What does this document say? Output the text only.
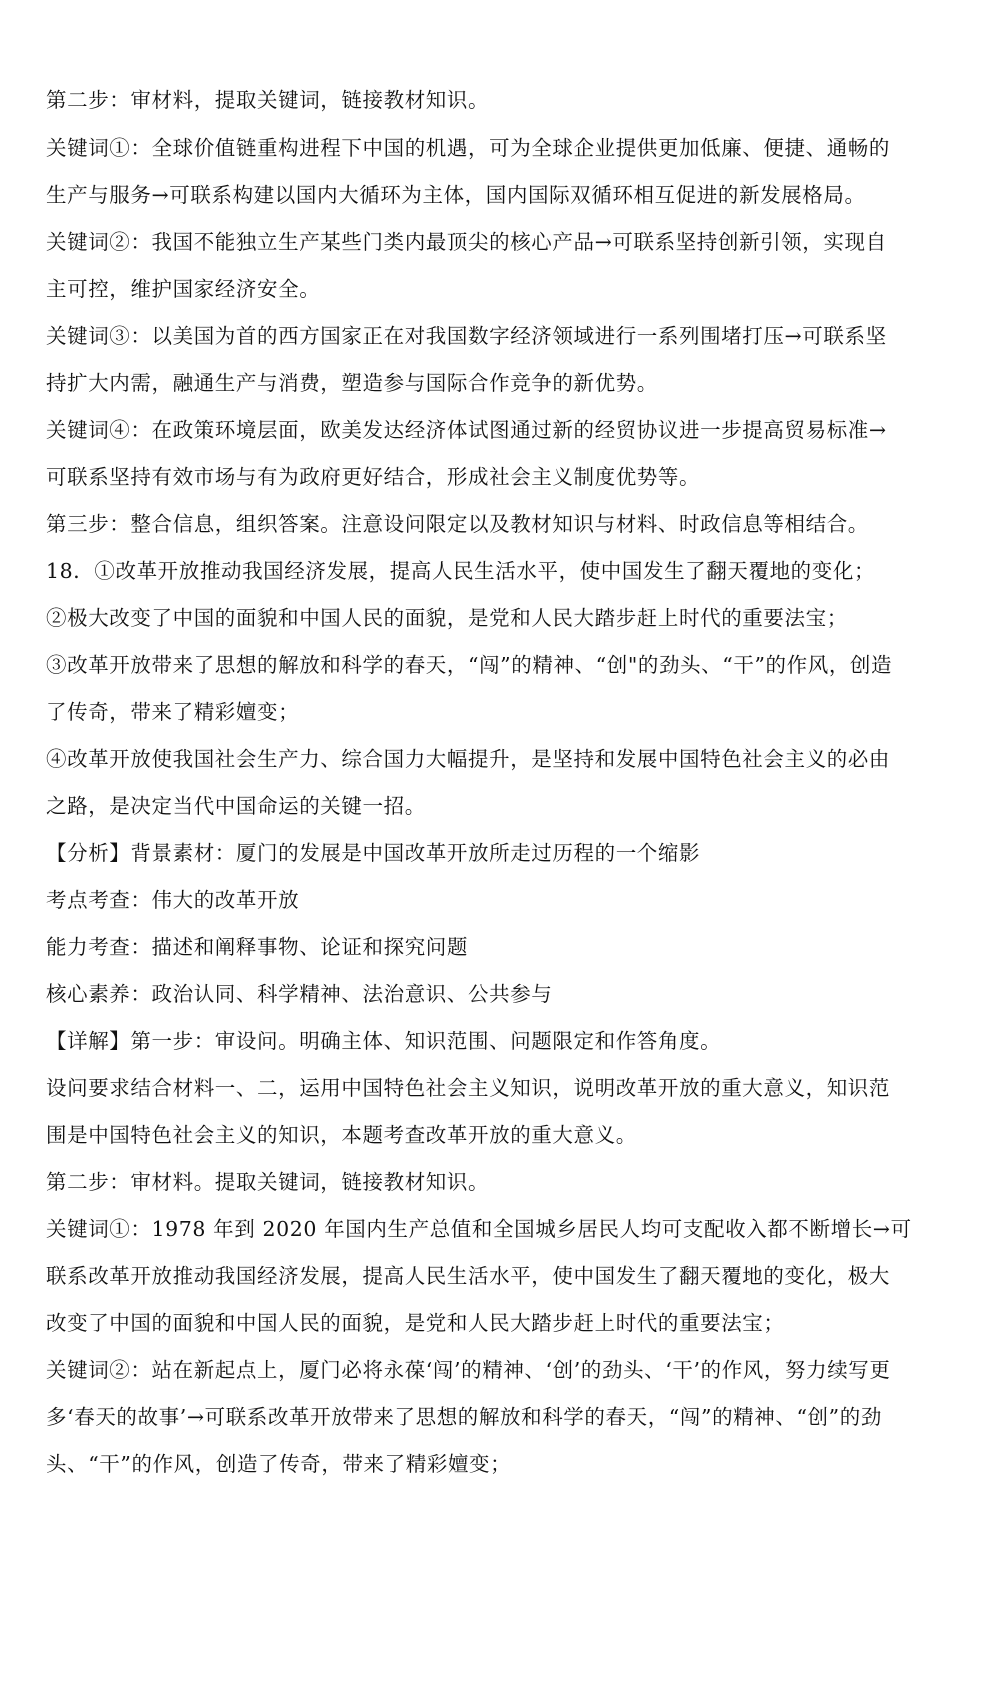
第二步：审材料，提取关键词，链接教材知识。
关键词①：全球价值链重构进程下中国的机遇，可为全球企业提供更加低廉、便捷、通畅的
生产与服务→可联系构建以国内大循环为主体，国内国际双循环相互促进的新发展格局。
关键词②：我国不能独立生产某些门类内最顶尖的核心产品→可联系坚持创新引领，实现自
主可控，维护国家经济安全。
关键词③：以美国为首的西方国家正在对我国数字经济领域进行一系列围堵打压→可联系坚
持扩大内需，融通生产与消费，塑造参与国际合作竞争的新优势。
关键词④：在政策环境层面，欧美发达经济体试图通过新的经贸协议进一步提高贸易标准→
可联系坚持有效市场与有为政府更好结合，形成社会主义制度优势等。
第三步：整合信息，组织答案。注意设问限定以及教材知识与材料、时政信息等相结合。
18．①改革开放推动我国经济发展，提高人民生活水平，使中国发生了翻天覆地的变化；
②极大改变了中国的面貌和中国人民的面貌，是党和人民大踏步赶上时代的重要法宝；
③改革开放带来了思想的解放和科学的春天，“闯”的精神、“创"的劲头、“干”的作风，创造
了传奇，带来了精彩嬗变；
④改革开放使我国社会生产力、综合国力大幅提升，是坚持和发展中国特色社会主义的必由
之路，是决定当代中国命运的关键一招。
【分析】背景素材：厦门的发展是中国改革开放所走过历程的一个缩影
考点考查：伟大的改革开放
能力考查：描述和阐释事物、论证和探究问题
核心素养：政治认同、科学精神、法治意识、公共参与
【详解】第一步：审设问。明确主体、知识范围、问题限定和作答角度。
设问要求结合材料一、二，运用中国特色社会主义知识，说明改革开放的重大意义，知识范
围是中国特色社会主义的知识，本题考查改革开放的重大意义。
第二步：审材料。提取关键词，链接教材知识。
关键词①：1978 年到 2020 年国内生产总值和全国城乡居民人均可支配收入都不断增长→可
联系改革开放推动我国经济发展，提高人民生活水平，使中国发生了翻天覆地的变化，极大
改变了中国的面貌和中国人民的面貌，是党和人民大踏步赶上时代的重要法宝；
关键词②：站在新起点上，厦门必将永葆‘闯’的精神、‘创’的劲头、‘干’的作风，努力续写更
多‘春天的故事’→可联系改革开放带来了思想的解放和科学的春天，“闯”的精神、“创”的劲
头、“干”的作风，创造了传奇，带来了精彩嬗变；
